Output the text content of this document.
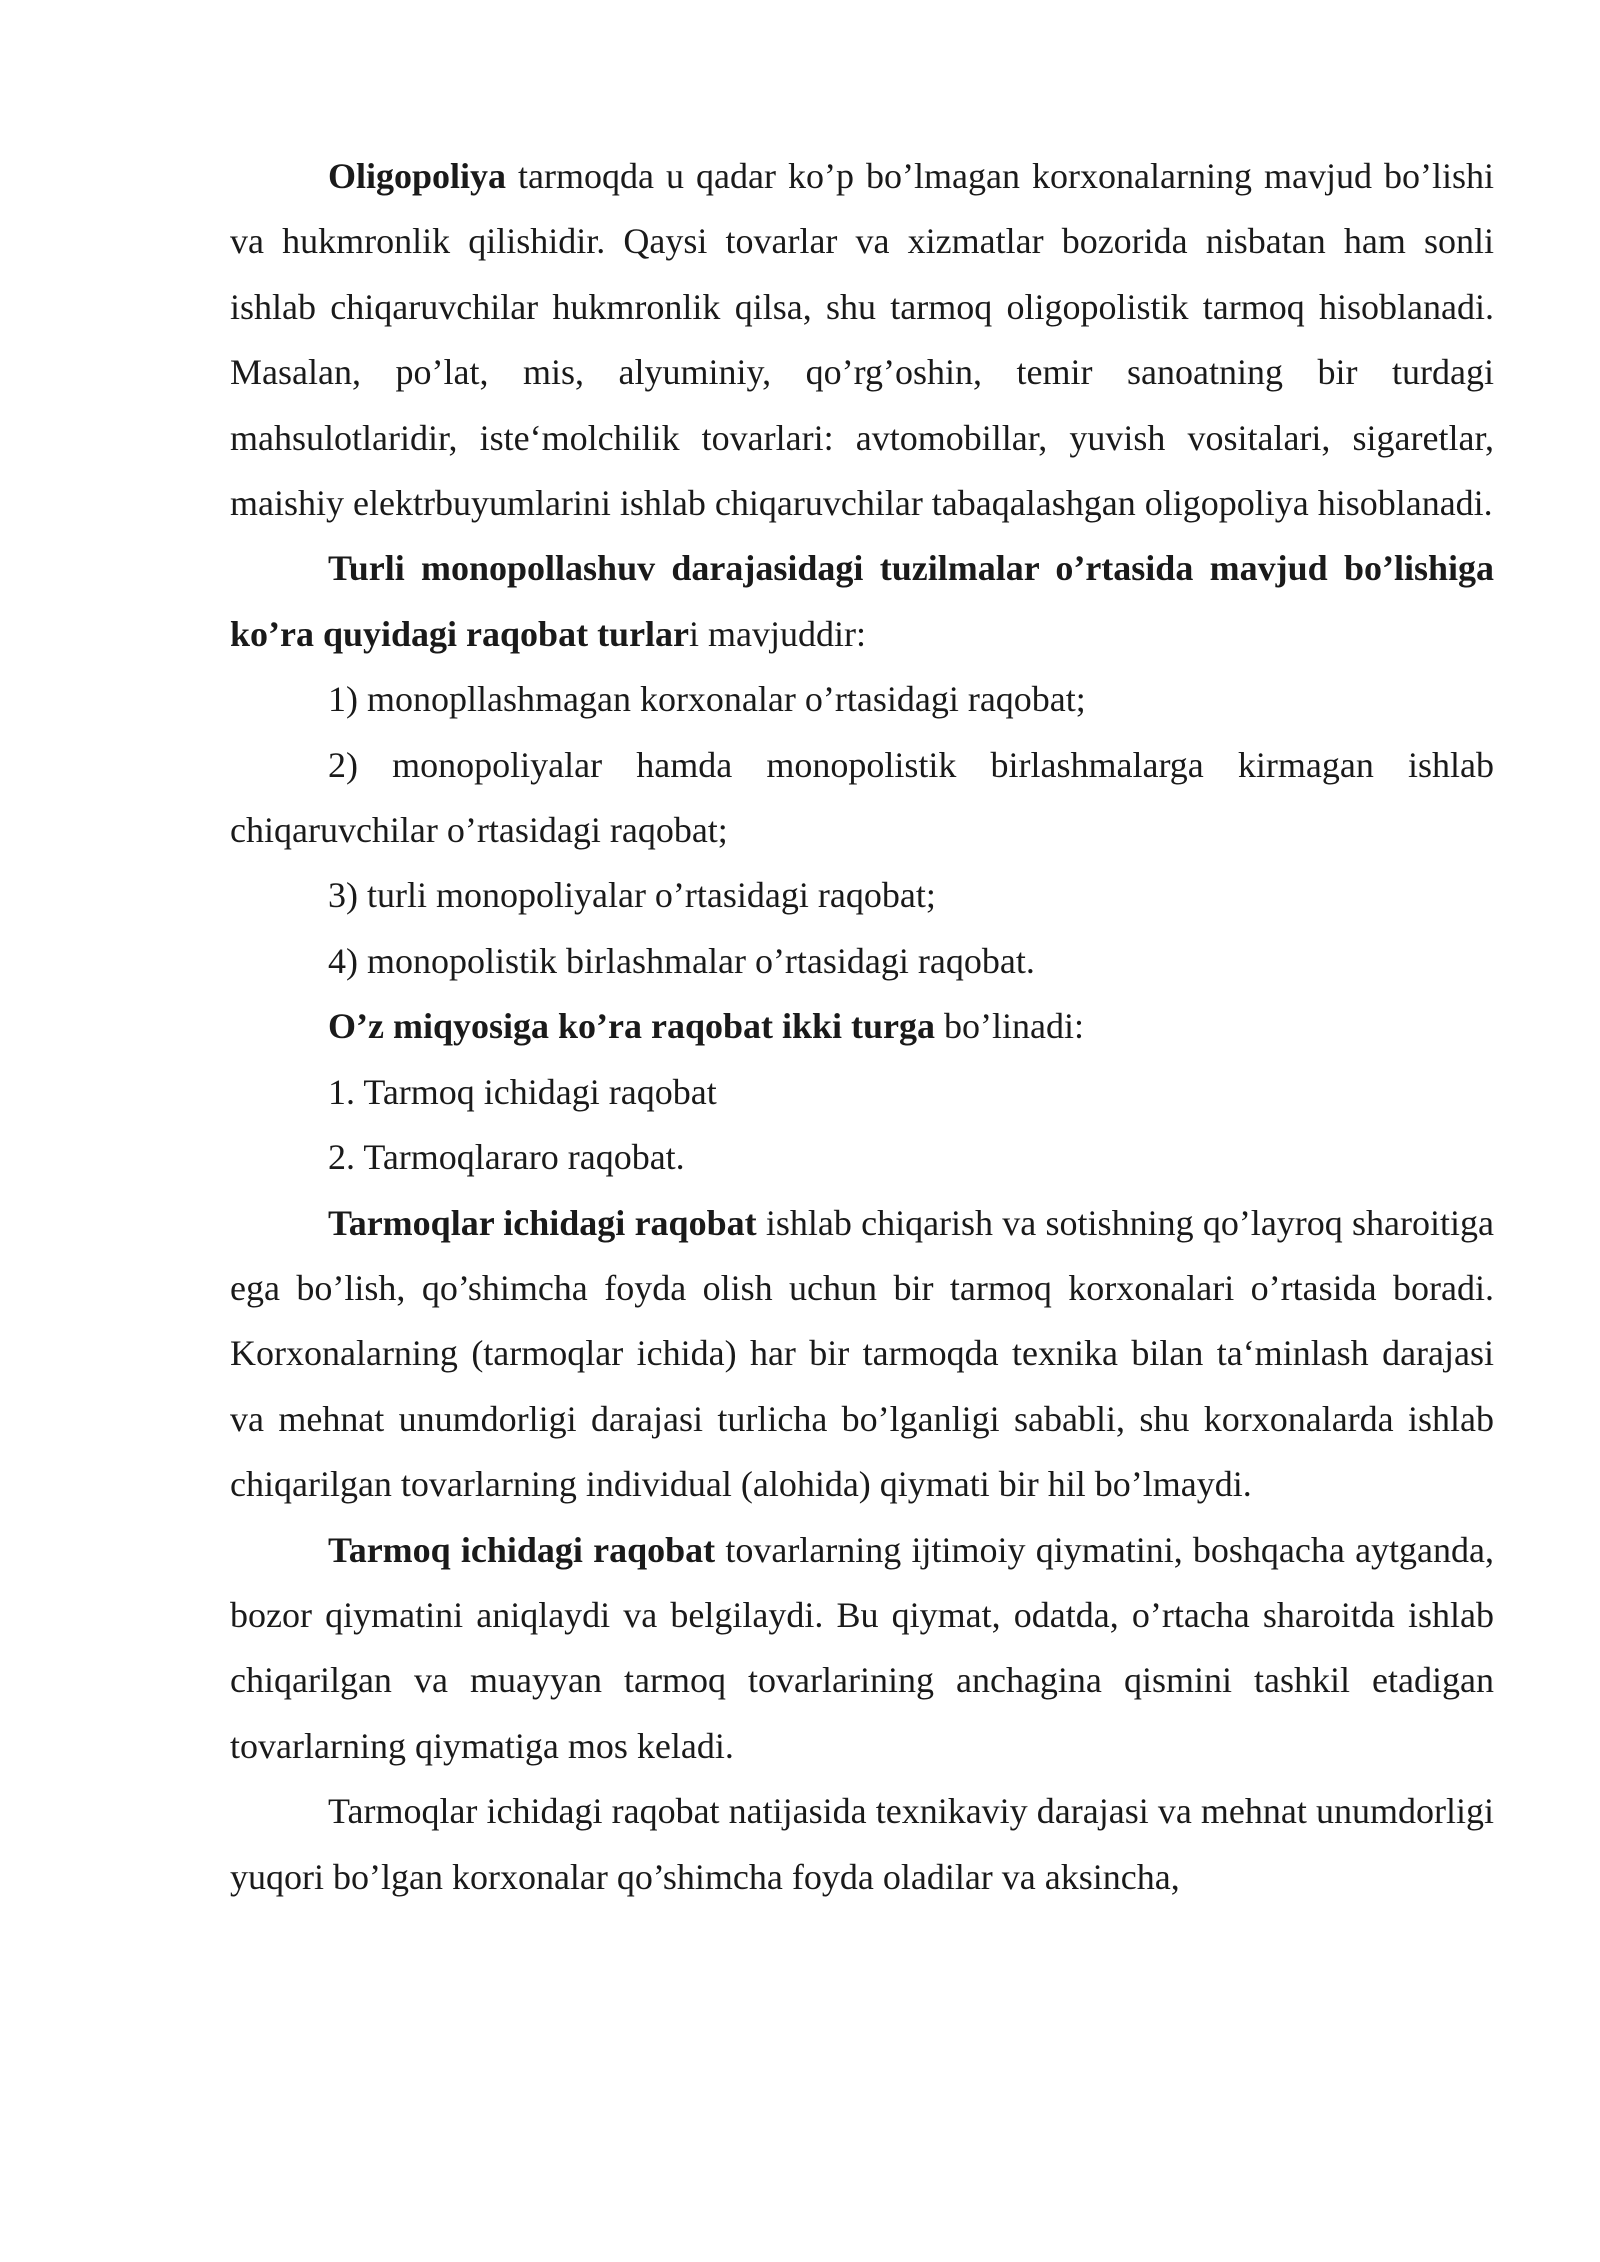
Oligopoliya tarmoqda u qadar ko’p bo’lmagan korxonalarning mavjud bo’lishi va hukmronlik qilishidir. Qaysi tovarlar va xizmatlar bozorida nisbatan ham sonli ishlab chiqaruvchilar hukmronlik qilsa, shu tarmoq oligopolistik tarmoq hisoblanadi. Masalan, po’lat, mis, alyuminiy, qo’rg’oshin, temir sanoatning bir turdagi mahsulotlaridir, iste‘molchilik tovarlari: avtomobillar, yuvish vositalari, sigaretlar, maishiy elektrbuyumlarini ishlab chiqaruvchilar tabaqalashgan oligopoliya hisoblanadi.

Turli monopollashuv darajasidagi tuzilmalar o’rtasida mavjud bo’lishiga ko’ra quyidagi raqobat turlari mavjuddir:

1) monopllashmagan korxonalar o’rtasidagi raqobat;

2) monopoliyalar hamda monopolistik birlashmalarga kirmagan ishlab chiqaruvchilar o’rtasidagi raqobat;

3) turli monopoliyalar o’rtasidagi raqobat;

4) monopolistik birlashmalar o’rtasidagi raqobat.

O’z miqyosiga ko’ra raqobat ikki turga bo’linadi:

1. Tarmoq ichidagi raqobat

2. Tarmoqlararo raqobat.

Tarmoqlar ichidagi raqobat ishlab chiqarish va sotishning qo’layroq sharoitiga ega bo’lish, qo’shimcha foyda olish uchun bir tarmoq korxonalari o’rtasida boradi. Korxonalarning (tarmoqlar ichida) har bir tarmoqda texnika bilan ta‘minlash darajasi va mehnat unumdorligi darajasi turlicha bo’lganligi sababli, shu korxonalarda ishlab chiqarilgan tovarlarning individual (alohida) qiymati bir hil bo’lmaydi.

Tarmoq ichidagi raqobat tovarlarning ijtimoiy qiymatini, boshqacha aytganda, bozor qiymatini aniqlaydi va belgilaydi. Bu qiymat, odatda, o’rtacha sharoitda ishlab chiqarilgan va muayyan tarmoq tovarlarining anchagina qismini tashkil etadigan tovarlarning qiymatiga mos keladi.

Tarmoqlar ichidagi raqobat natijasida texnikaviy darajasi va mehnat unumdorligi yuqori bo’lgan korxonalar qo’shimcha foyda oladilar va aksincha,
